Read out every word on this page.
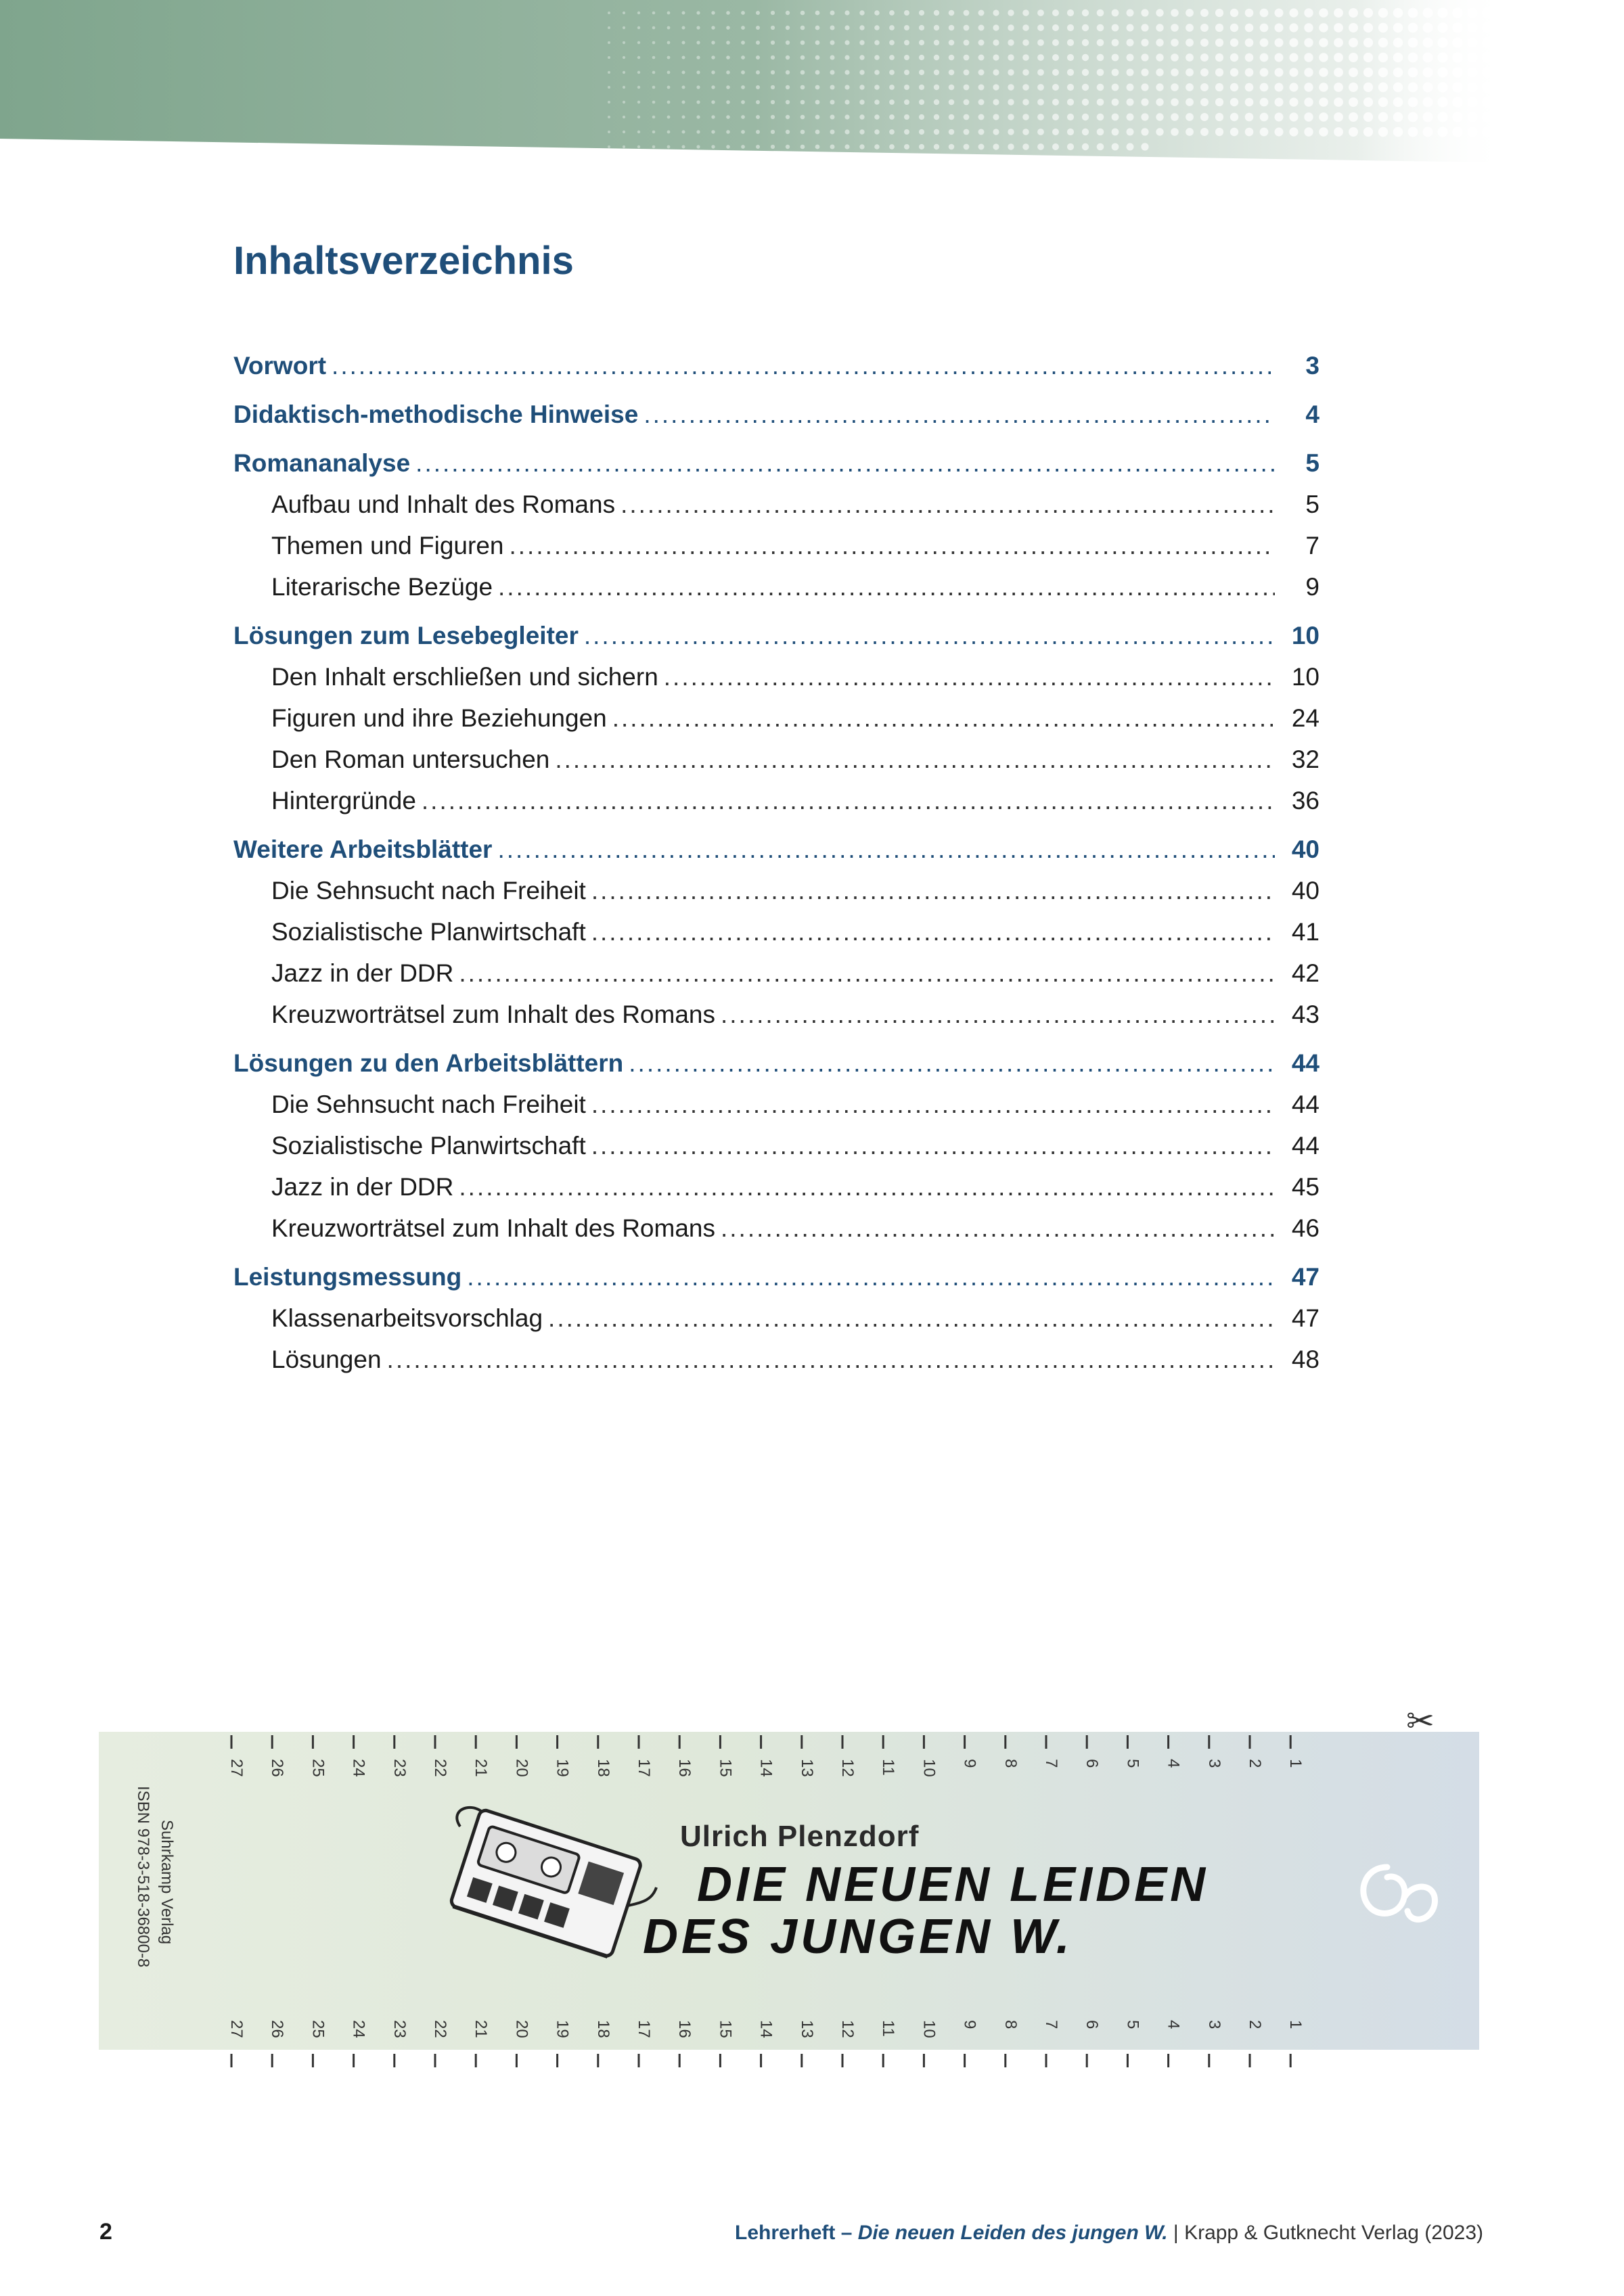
Inhaltsverzeichnis
Vorwort .....	3
Didaktisch-methodische Hinweise .....	4
Romananalyse .....	5
Aufbau und Inhalt des Romans .....	5
Themen und Figuren .....	7
Literarische Bezüge .....	9
Lösungen zum Lesebegleiter .....	10
Den Inhalt erschließen und sichern .....	10
Figuren und ihre Beziehungen .....	24
Den Roman untersuchen .....	32
Hintergründe .....	36
Weitere Arbeitsblätter .....	40
Die Sehnsucht nach Freiheit .....	40
Sozialistische Planwirtschaft .....	41
Jazz in der DDR .....	42
Kreuzworträtsel zum Inhalt des Romans .....	43
Lösungen zu den Arbeitsblättern .....	44
Die Sehnsucht nach Freiheit .....	44
Sozialistische Planwirtschaft .....	44
Jazz in der DDR .....	45
Kreuzworträtsel zum Inhalt des Romans .....	46
Leistungsmessung .....	47
Klassenarbeitsvorschlag .....	47
Lösungen .....	48
27 26 25 24 23 22 21 20 19 18 17 16 15 14 13 12 11 10 9 8 7 6 5 4 3 2 1
27 26 25 24 23 22 21 20 19 18 17 16 15 14 13 12 11 10 9 8 7 6 5 4 3 2 1
✂
Suhrkamp Verlag
ISBN 978-3-518-36800-8	Ulrich Plenzdorf
DIE NEUEN LEIDEN
DES JUNGEN W.
2	Lehrerheft – Die neuen Leiden des jungen W. | Krapp & Gutknecht Verlag (2023)
